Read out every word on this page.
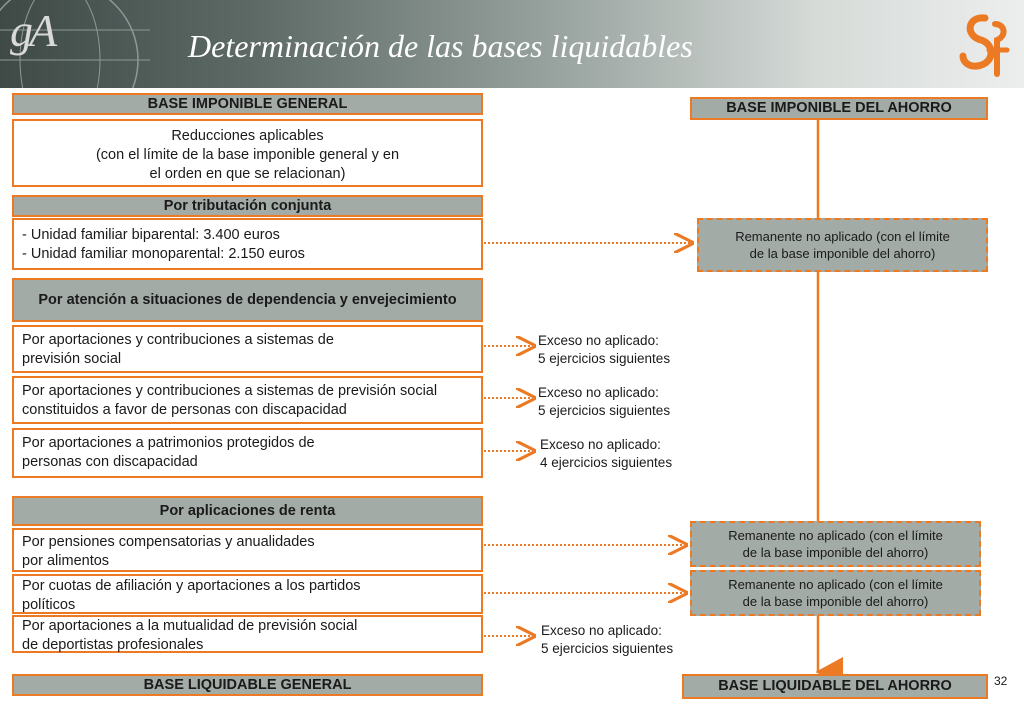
gA	Determinación de las bases liquidables
BASE IMPONIBLE GENERAL
Reducciones aplicables
(con el límite de la base imponible general y en
el orden en que se relacionan)
Por tributación conjunta
- Unidad familiar biparental: 3.400 euros
- Unidad familiar monoparental: 2.150 euros
Por atención a situaciones de dependencia y envejecimiento
Por aportaciones y contribuciones a sistemas de
previsión social
Por aportaciones y contribuciones a sistemas de previsión social
constituidos a favor de personas con discapacidad
Por aportaciones a patrimonios protegidos de
personas con discapacidad
Por aplicaciones de renta
Por pensiones compensatorias y anualidades
por alimentos
Por cuotas de afiliación y aportaciones a los partidos
políticos
Por aportaciones a la mutualidad de previsión social
de deportistas profesionales
BASE LIQUIDABLE GENERAL
Exceso no aplicado:
5 ejercicios siguientes
Exceso no aplicado:
5 ejercicios siguientes
Exceso no aplicado:
4 ejercicios siguientes
Exceso no aplicado:
5 ejercicios siguientes
BASE IMPONIBLE DEL AHORRO
Remanente no aplicado (con el límite
de la base imponible del ahorro)
Remanente no aplicado (con el límite
de la base imponible del ahorro)
Remanente no aplicado (con el límite
de la base imponible del ahorro)
BASE LIQUIDABLE DEL AHORRO	32
